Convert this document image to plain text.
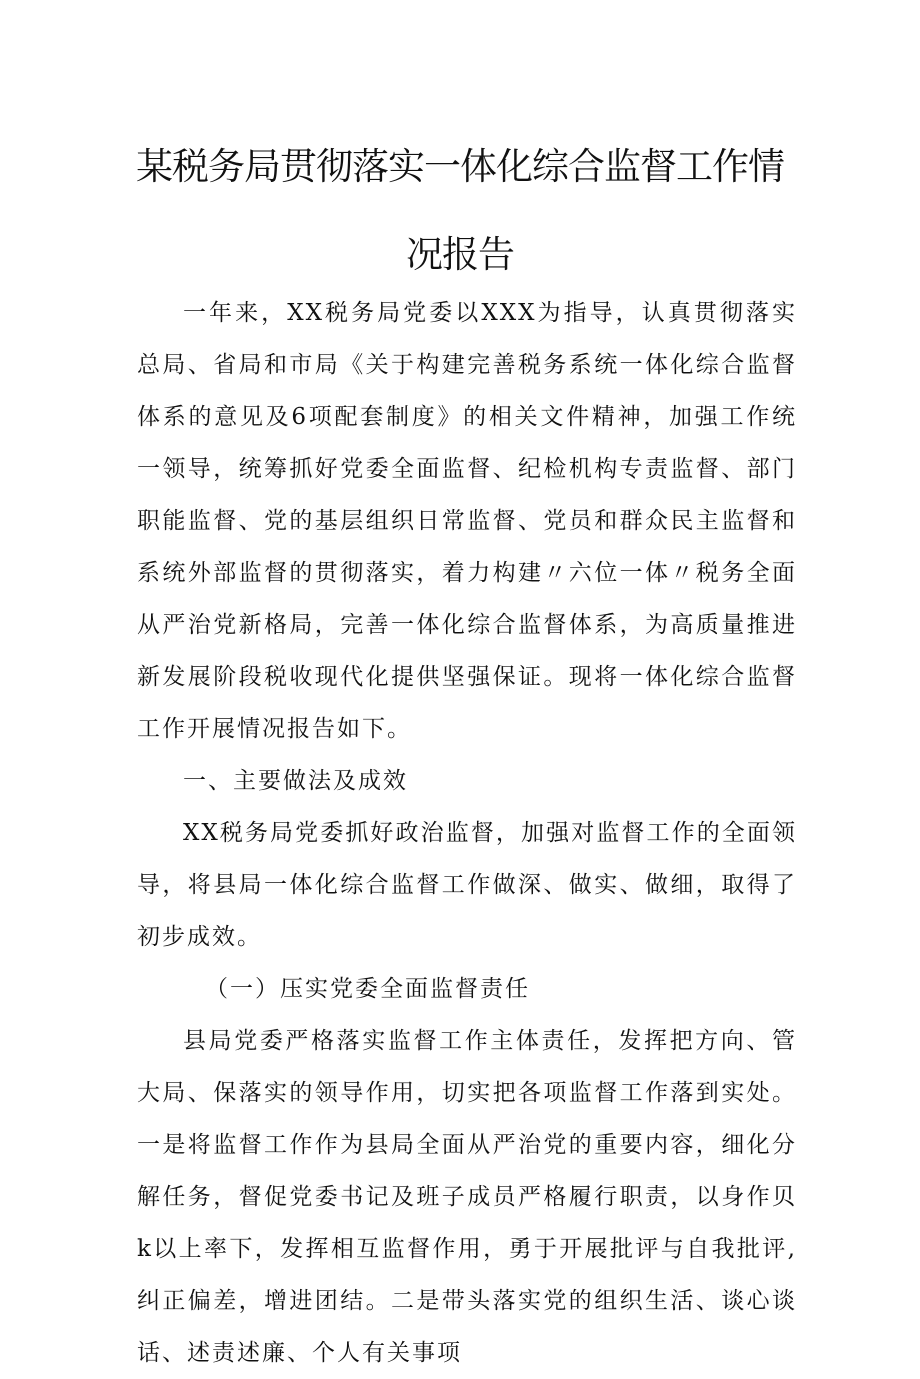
某税务局贯彻落实一体化综合监督工作情
况报告

一年来，XX税务局党委以XXX为指导，认真贯彻落实总局、省局和市局《关于构建完善税务系统一体化综合监督体系的意见及6项配套制度》的相关文件精神，加强工作统一领导，统筹抓好党委全面监督、纪检机构专责监督、部门职能监督、党的基层组织日常监督、党员和群众民主监督和系统外部监督的贯彻落实，着力构建〃六位一体〃税务全面从严治党新格局，完善一体化综合监督体系，为高质量推进新发展阶段税收现代化提供坚强保证。现将一体化综合监督工作开展情况报告如下。

一、主要做法及成效

XX税务局党委抓好政治监督，加强对监督工作的全面领导，将县局一体化综合监督工作做深、做实、做细，取得了初步成效。

（一）压实党委全面监督责任

县局党委严格落实监督工作主体责任，发挥把方向、管大局、保落实的领导作用，切实把各项监督工作落到实处。一是将监督工作作为县局全面从严治党的重要内容，细化分解任务，督促党委书记及班子成员严格履行职责，以身作贝k以上率下，发挥相互监督作用，勇于开展批评与自我批评,纠正偏差，增进团结。二是带头落实党的组织生活、谈心谈话、述责述廉、个人有关事项
